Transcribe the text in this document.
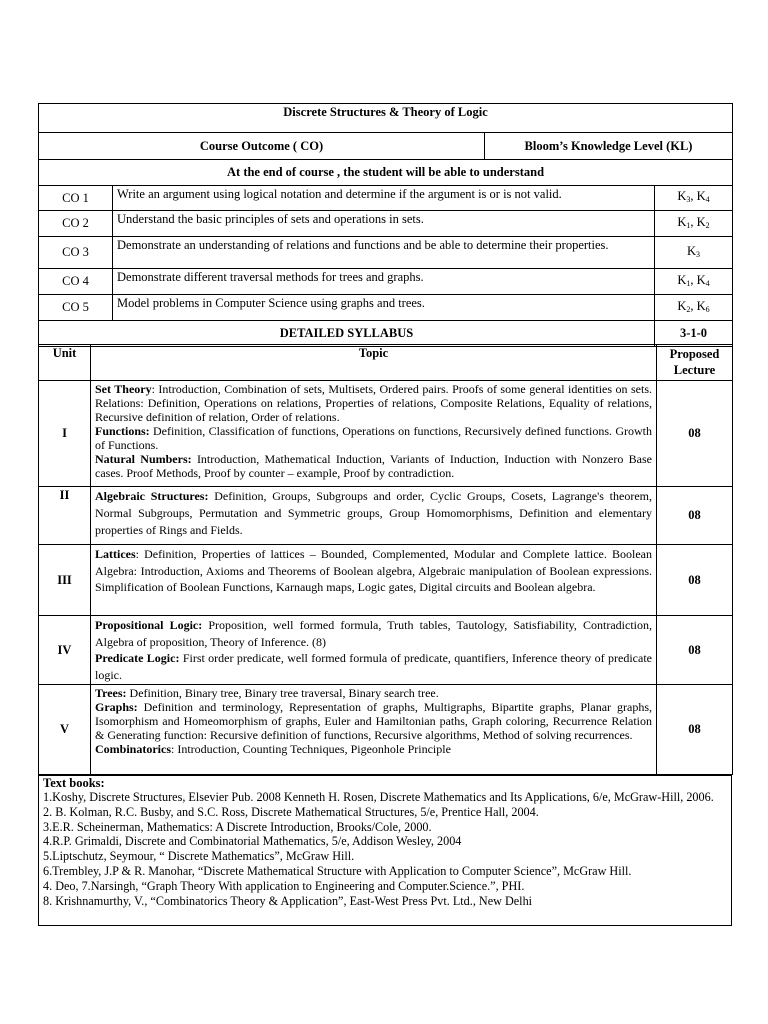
Discrete Structures & Theory of Logic			
Course Outcome ( CO)		Bloom’s Knowledge Level (KL)	
At the end of course , the student will be able to understand			
CO 1	Write an argument using logical notation and determine if the argument is or is not valid.		$K_3$, $K_4$
CO 2	Understand the basic principles of sets and operations in sets.		$K_1$, $K_2$
CO 3	Demonstrate an understanding of relations and functions and be able to determine their properties.		$K_3$
CO 4	Demonstrate different traversal methods for trees and graphs.		$K_1$, $K_4$
CO 5	Model problems in Computer Science using graphs and trees.		$K_2$, $K_6$
DETAILED SYLLABUS			3-1-0
Unit	Topic	Proposed
Lecture

I	Set Theory: Introduction, Combination of sets, Multisets, Ordered pairs. Proofs of some general identities on sets. Relations: Definition, Operations on relations, Properties of relations, Composite Relations, Equality of relations, Recursive definition of relation, Order of relations.

Functions: Definition, Classification of functions, Operations on functions, Recursively defined functions. Growth of Functions.

Natural Numbers: Introduction, Mathematical Induction, Variants of Induction, Induction with Nonzero Base cases. Proof Methods, Proof by counter – example, Proof by contradiction.	08
II	Algebraic Structures: Definition, Groups, Subgroups and order, Cyclic Groups, Cosets, Lagrange's theorem, Normal Subgroups, Permutation and Symmetric groups, Group Homomorphisms, Definition and elementary properties of Rings and Fields.	08
III	Lattices: Definition, Properties of lattices – Bounded, Complemented, Modular and Complete lattice. Boolean Algebra: Introduction, Axioms and Theorems of Boolean algebra, Algebraic manipulation of Boolean expressions. Simplification of Boolean Functions, Karnaugh maps, Logic gates, Digital circuits and Boolean algebra.	08
IV	Propositional Logic: Proposition, well formed formula, Truth tables, Tautology, Satisfiability, Contradiction, Algebra of proposition, Theory of Inference. (8)

Predicate Logic: First order predicate, well formed formula of predicate, quantifiers, Inference theory of predicate logic.	08
V	Trees: Definition, Binary tree, Binary tree traversal, Binary search tree.

Graphs: Definition and terminology, Representation of graphs, Multigraphs, Bipartite graphs, Planar graphs, Isomorphism and Homeomorphism of graphs, Euler and Hamiltonian paths, Graph coloring, Recurrence Relation & Generating function: Recursive definition of functions, Recursive algorithms, Method of solving recurrences.

Combinatorics: Introduction, Counting Techniques, Pigeonhole Principle	08
Text books:

1.Koshy, Discrete Structures, Elsevier Pub. 2008 Kenneth H. Rosen, Discrete Mathematics and Its Applications, 6/e, McGraw-Hill, 2006.

2. B. Kolman, R.C. Busby, and S.C. Ross, Discrete Mathematical Structures, 5/e, Prentice Hall, 2004.

3.E.R. Scheinerman, Mathematics: A Discrete Introduction, Brooks/Cole, 2000.

4.R.P. Grimaldi, Discrete and Combinatorial Mathematics, 5/e, Addison Wesley, 2004

5.Liptschutz, Seymour, “ Discrete Mathematics”, McGraw Hill.

6.Trembley, J.P & R. Manohar, “Discrete Mathematical Structure with Application to Computer Science”, McGraw Hill.

4. Deo, 7.Narsingh, “Graph Theory With application to Engineering and Computer.Science.”, PHI.

8. Krishnamurthy, V., “Combinatorics Theory & Application”, East-West Press Pvt. Ltd., New Delhi
